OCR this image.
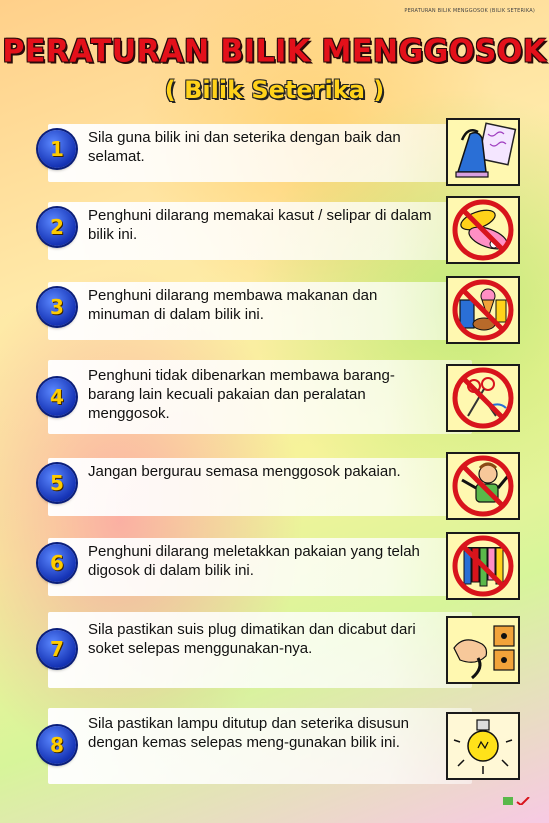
PERATURAN BILIK MENGGOSOK (BILIK SETERIKA)
PERATURAN BILIK MENGGOSOK
( Bilik Seterika )
1	Sila guna bilik ini dan seterika dengan baik dan selamat.
2	Penghuni dilarang memakai kasut / selipar di dalam bilik ini.
3	Penghuni dilarang membawa makanan dan minuman di dalam bilik ini.
4
Penghuni tidak dibenarkan membawa barang-barang lain kecuali pakaian dan peralatan menggosok.
5	Jangan bergurau semasa menggosok pakaian.
6	Penghuni dilarang meletakkan pakaian yang telah digosok di dalam bilik ini.
7
Sila pastikan suis plug dimatikan dan dicabut dari soket selepas menggunakan-nya.
8
Sila pastikan lampu ditutup dan seterika disusun dengan kemas selepas meng-gunakan bilik ini.
